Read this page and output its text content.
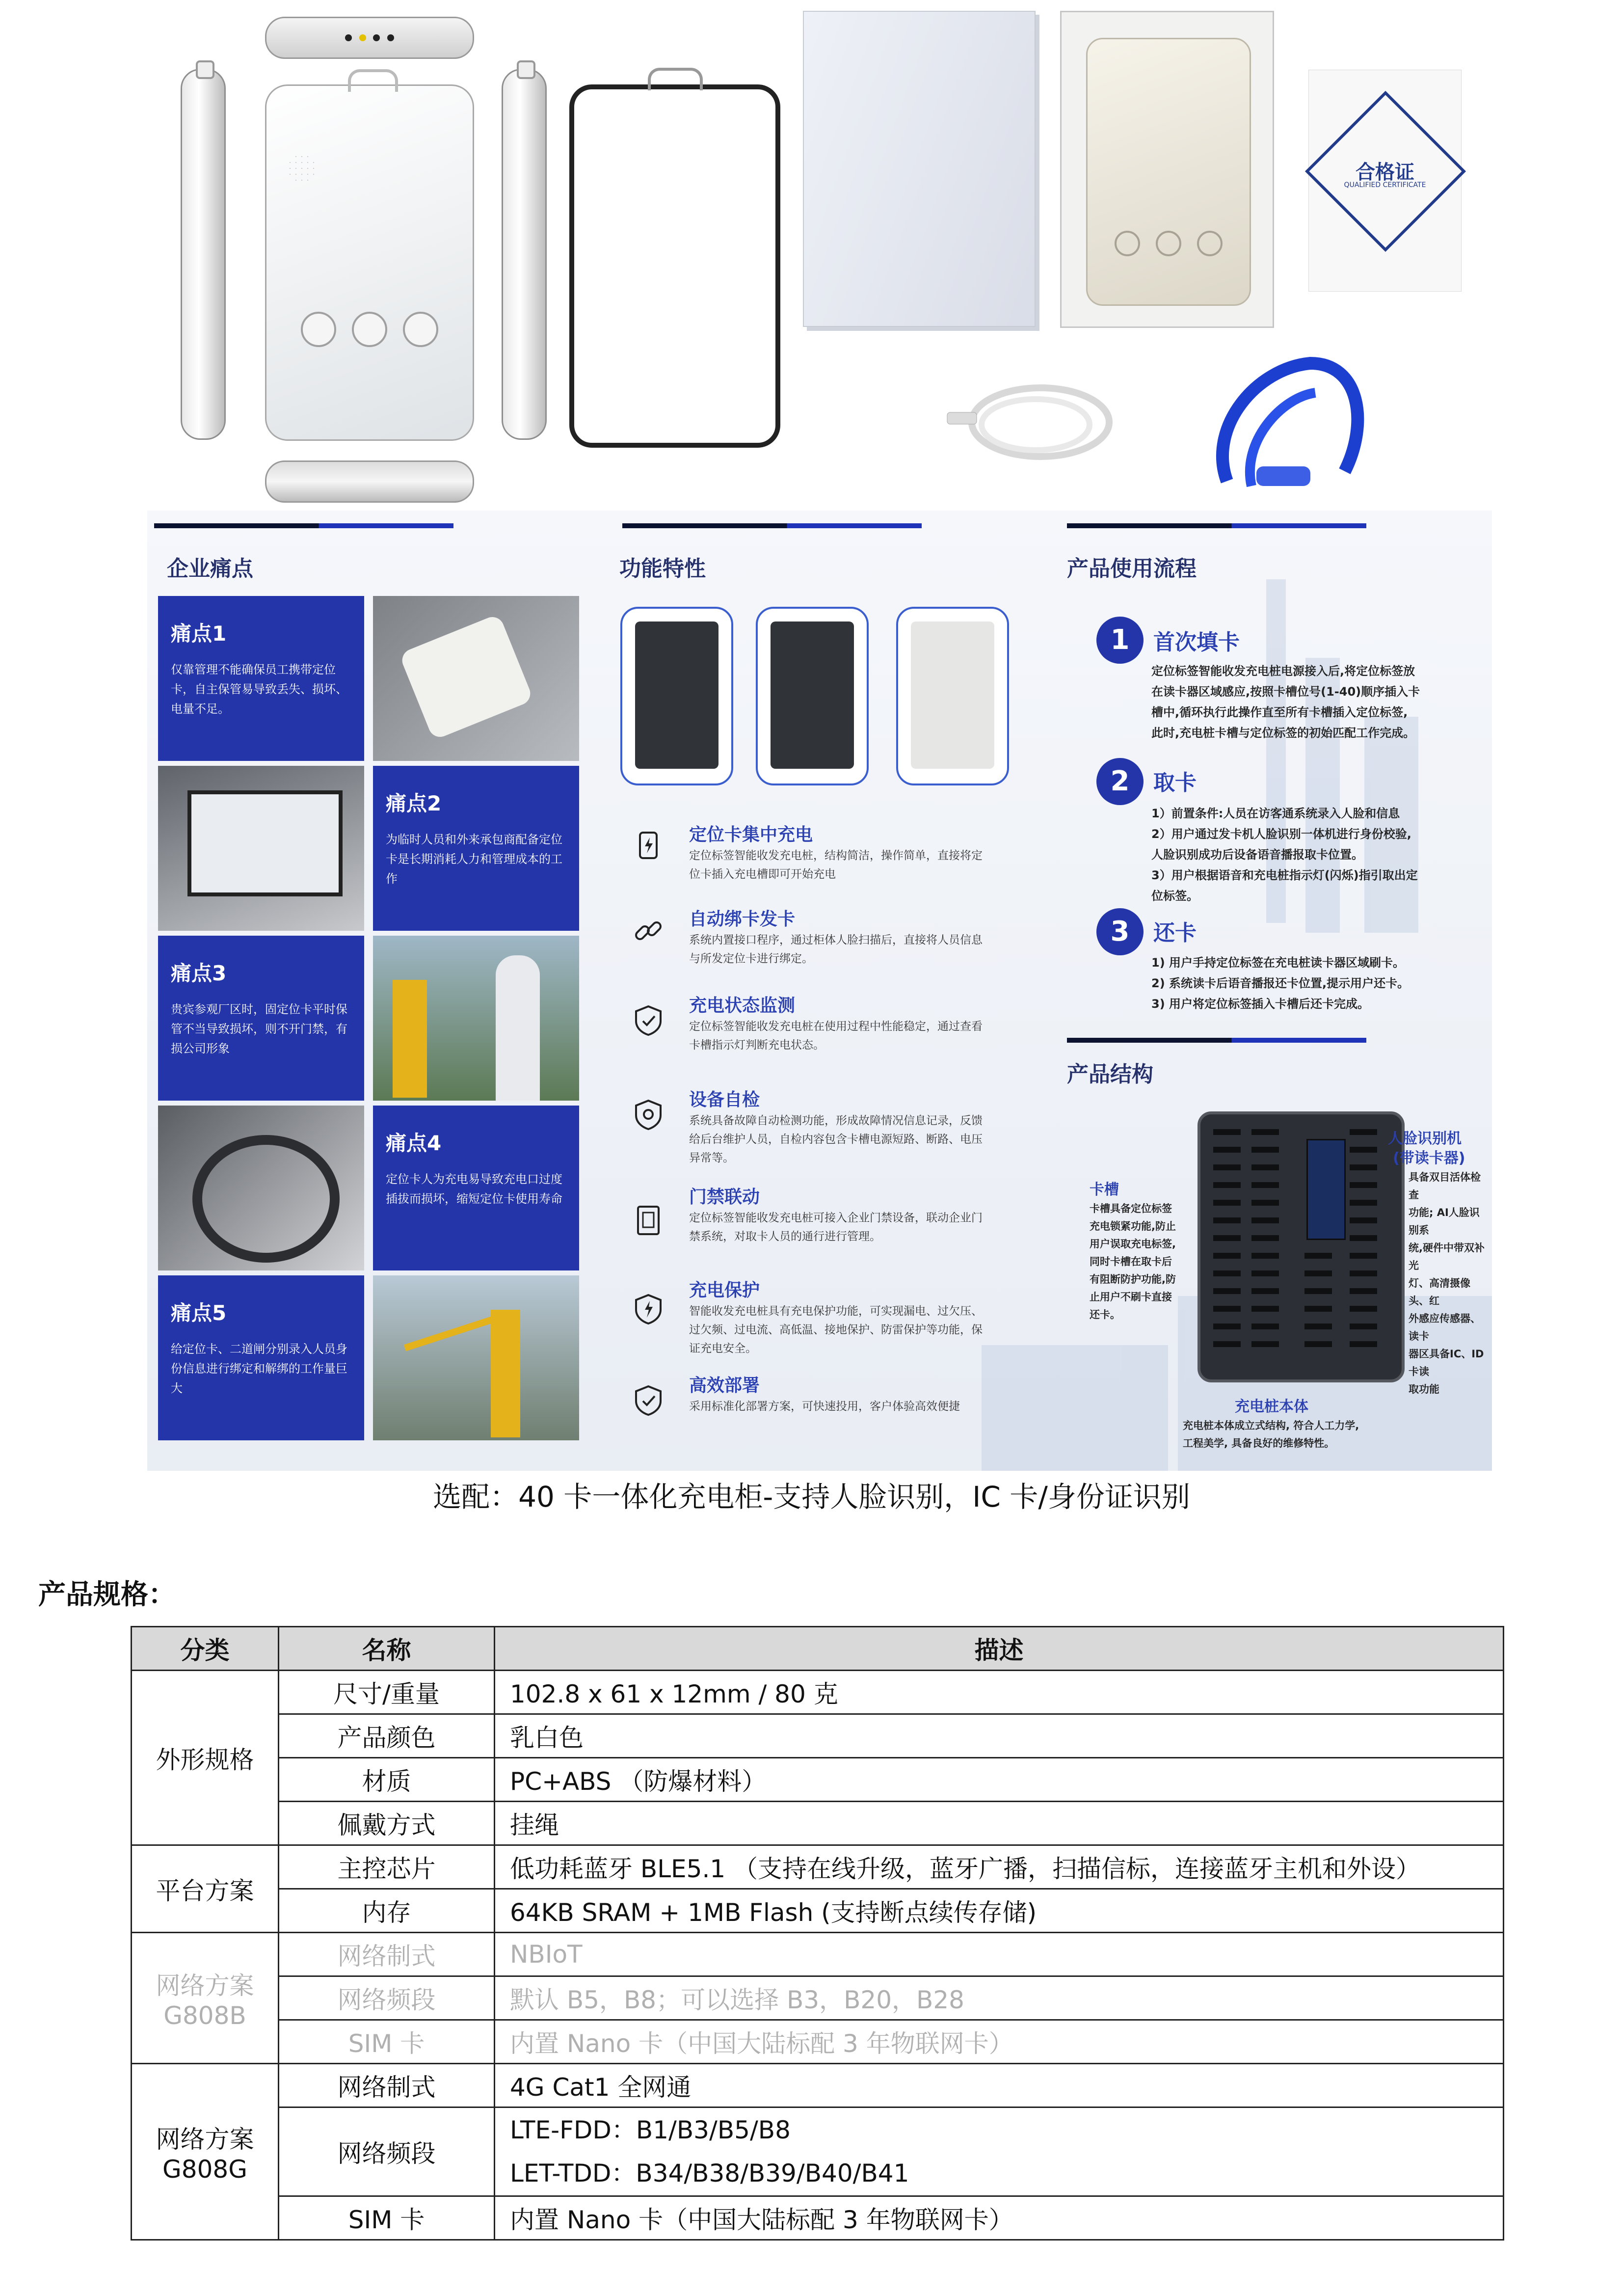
合格证
QUALIFIED CERTIFICATE
企业痛点
痛点1
仅靠管理不能确保员工携带定位卡，自主保管易导致丢失、损坏、电量不足。
痛点2
为临时人员和外来承包商配备定位卡是长期消耗人力和管理成本的工作
痛点3
贵宾参观厂区时，固定位卡平时保管不当导致损坏，则不开门禁，有损公司形象
痛点4
定位卡人为充电易导致充电口过度插拔而损坏，缩短定位卡使用寿命
痛点5
给定位卡、二道闸分别录入人员身份信息进行绑定和解绑的工作量巨大
功能特性
定位卡集中充电
定位标签智能收发充电桩，结构简洁，操作简单，直接将定位卡插入充电槽即可开始充电
自动绑卡发卡
系统内置接口程序，通过柜体人脸扫描后，直接将人员信息与所发定位卡进行绑定。
充电状态监测
定位标签智能收发充电桩在使用过程中性能稳定，通过查看卡槽指示灯判断充电状态。
设备自检
系统具备故障自动检测功能，形成故障情况信息记录，反馈给后台维护人员，自检内容包含卡槽电源短路、断路、电压异常等。
门禁联动
定位标签智能收发充电桩可接入企业门禁设备，联动企业门禁系统，对取卡人员的通行进行管理。
充电保护
智能收发充电桩具有充电保护功能，可实现漏电、过欠压、过欠频、过电流、高低温、接地保护、防雷保护等功能，保证充电安全。
高效部署
采用标准化部署方案，可快速投用，客户体验高效便捷
产品使用流程
1	首次填卡
定位标签智能收发充电桩电源接入后,将定位标签放
在读卡器区域感应,按照卡槽位号(1-40)顺序插入卡
槽中,循环执行此操作直至所有卡槽插入定位标签,
此时,充电桩卡槽与定位标签的初始匹配工作完成。
2	取卡
1）前置条件:人员在访客通系统录入人脸和信息
2）用户通过发卡机人脸识别一体机进行身份校验,
人脸识别成功后设备语音播报取卡位置。
3）用户根据语音和充电桩指示灯(闪烁)指引取出定
位标签。
3	还卡
1) 用户手持定位标签在充电桩读卡器区域刷卡。
2) 系统读卡后语音播报还卡位置,提示用户还卡。
3) 用户将定位标签插入卡槽后还卡完成。
产品结构
人脸识别机
(带读卡器)
具备双目活体检查
功能; AI人脸识别系
统,硬件中带双补光
灯、高清摄像头、红
外感应传感器、读卡
器区具备IC、ID卡读
取功能
卡槽
卡槽具备定位标签
充电锁紧功能,防止
用户误取充电标签,
同时卡槽在取卡后
有阻断防护功能,防
止用户不刷卡直接
还卡。
充电桩本体
充电桩本体成立式结构, 符合人工力学,
工程美学, 具备良好的维修特性。
选配：40 卡一体化充电柜-支持人脸识别，IC 卡/身份证识别
产品规格：
分类	名称	描述
外形规格	尺寸/重量	102.8 x 61 x 12mm / 80 克
	产品颜色	乳白色
	材质	PC+ABS （防爆材料）
	佩戴方式	挂绳
平台方案	主控芯片	低功耗蓝牙 BLE5.1 （支持在线升级，蓝牙广播，扫描信标，连接蓝牙主机和外设）
	内存	64KB SRAM + 1MB Flash (支持断点续传存储)

网络方案
G808B	网络制式	NBIoT
	网络频段	默认 B5，B8；可以选择 B3，B20，B28
	SIM 卡	内置 Nano 卡（中国大陆标配 3 年物联网卡）

网络方案
G808G	网络制式	4G Cat1 全网通
	网络频段	LTE-FDD：B1/B3/B5/B8
LET-TDD：B34/B38/B39/B40/B41

	SIM 卡	内置 Nano 卡（中国大陆标配 3 年物联网卡）
